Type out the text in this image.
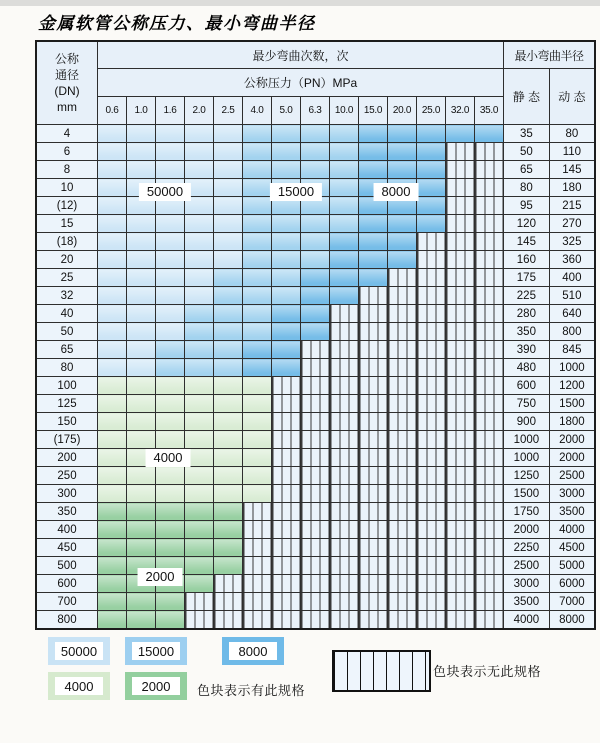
金属软管公称压力、最小弯曲半径
公称
通径
(DN)
mm	最少弯曲次数，次														最小弯曲半径	
	公称压力（PN）MPa														静 态	动 态
	0.6	1.0	1.6	2.0	2.5	4.0	5.0	6.3	10.0	15.0	20.0	25.0	32.0	35.0		
4															35	80
6															50	110
8															65	145
10															80	180
(12)															95	215
15															120	270
(18)															145	325
20															160	360
25															175	400
32															225	510
40															280	640
50															350	800
65															390	845
80															480	1000
100															600	1200
125															750	1500
150															900	1800
(175)															1000	2000
200															1000	2000
250															1250	2500
300															1500	3000
350															1750	3500
400															2000	4000
450															2250	4500
500															2500	5000
600															3000	6000
700															3500	7000
800															4000	8000
50000	15000	8000
4000
2000
色块表示无此规格
色块表示有此规格
50000	15000	8000
4000	2000
